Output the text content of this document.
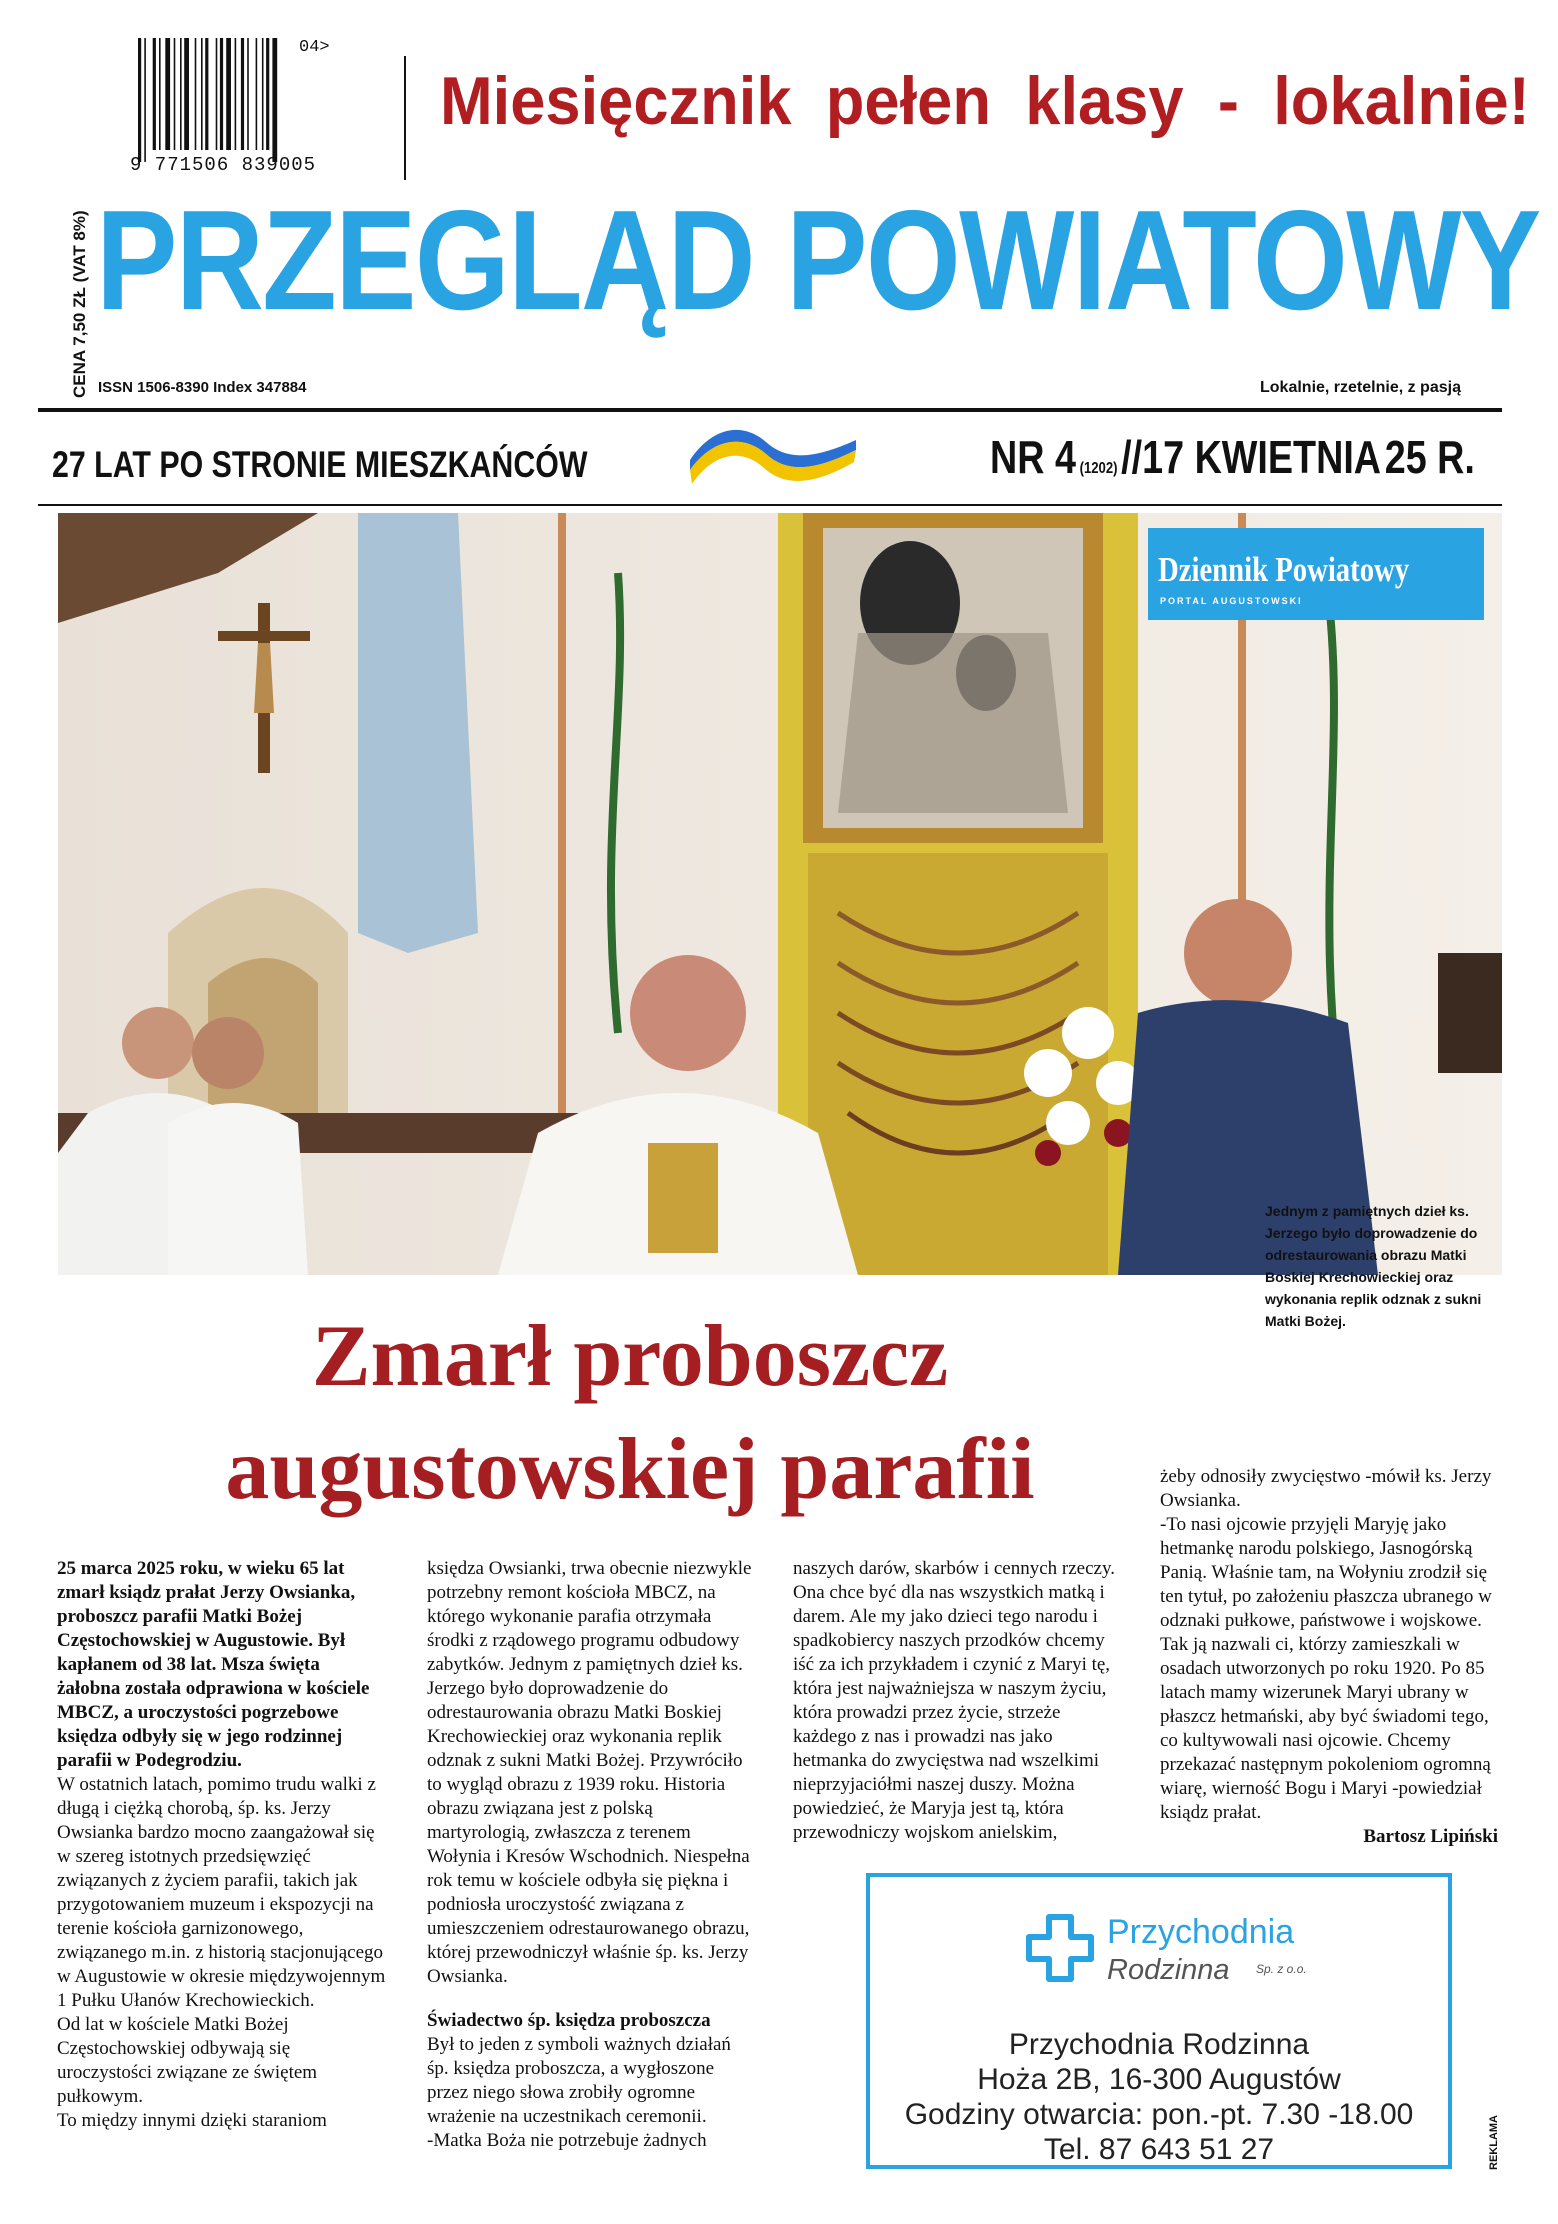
04>
9 771506 839005
Miesięcznik pełen klasy - lokalnie!
CENA 7,50 ZŁ (VAT 8%) PRZEGLĄD POWIATOWY
ISSN 1506-8390 Index 347884	Lokalnie, rzetelnie, z pasją
27 LAT PO STRONIE MIESZKAŃCÓW	NR 4 (1202) //17 KWIETNIA 25 R.
Dziennik Powiatowy
PORTAL AUGUSTOWSKI
Jednym z pamiętnych dzieł ks. Jerzego było doprowadzenie do odrestaurowania obrazu Matki Boskiej Krechowieckiej oraz wykonania replik odznak z sukni Matki Bożej.
Zmarł proboszcz
augustowskiej parafii

25 marca 2025 roku, w wieku 65 lat zmarł ksiądz prałat Jerzy Owsianka, proboszcz parafii Matki Bożej Częstochowskiej w Augustowie. Był kapłanem od 38 lat. Msza święta żałobna została odprawiona w kościele MBCZ, a uroczystości pogrzebowe księdza odbyły się w jego rodzinnej parafii w Podegrodziu.

W ostatnich latach, pomimo trudu walki z długą i ciężką chorobą, śp. ks. Jerzy Owsianka bardzo mocno zaangażował się w szereg istotnych przedsięwzięć związanych z życiem parafii, takich jak przygotowaniem muzeum i ekspozycji na terenie kościoła garnizonowego, związanego m.in. z historią stacjonującego w Augustowie w okresie międzywojennym 1 Pułku Ułanów Krechowieckich.

Od lat w kościele Matki Bożej Częstochowskiej odbywają się uroczystości związane ze świętem pułkowym.

To między innymi dzięki staraniom

księdza Owsianki, trwa obecnie niezwykle potrzebny remont kościoła MBCZ, na którego wykonanie parafia otrzymała środki z rządowego programu odbudowy zabytków. Jednym z pamiętnych dzieł ks. Jerzego było doprowadzenie do odrestaurowania obrazu Matki Boskiej Krechowieckiej oraz wykonania replik odznak z sukni Matki Bożej. Przywróciło to wygląd obrazu z 1939 roku. Historia obrazu związana jest z polską martyrologią, zwłaszcza z terenem Wołynia i Kresów Wschodnich. Niespełna rok temu w kościele odbyła się piękna i podniosła uroczystość związana z umieszczeniem odrestaurowanego obrazu, której przewodniczył właśnie śp. ks. Jerzy Owsianka.

Świadectwo śp. księdza proboszcza

Był to jeden z symboli ważnych działań śp. księdza proboszcza, a wygłoszone przez niego słowa zrobiły ogromne wrażenie na uczestnikach ceremonii.

-Matka Boża nie potrzebuje żadnych

naszych darów, skarbów i cennych rzeczy. Ona chce być dla nas wszystkich matką i darem. Ale my jako dzieci tego narodu i spadkobiercy naszych przodków chcemy iść za ich przykładem i czynić z Maryi tę, która jest najważniejsza w naszym życiu, która prowadzi przez życie, strzeże każdego z nas i prowadzi nas jako hetmanka do zwycięstwa nad wszelkimi nieprzyjaciółmi naszej duszy. Można powiedzieć, że Maryja jest tą, która przewodniczy wojskom anielskim,

żeby odnosiły zwycięstwo -mówił ks. Jerzy Owsianka.

-To nasi ojcowie przyjęli Maryję jako hetmankę narodu polskiego, Jasnogórską Panią. Właśnie tam, na Wołyniu zrodził się ten tytuł, po założeniu płaszcza ubranego w odznaki pułkowe, państwowe i wojskowe. Tak ją nazwali ci, którzy zamieszkali w osadach utworzonych po roku 1920. Po 85 latach mamy wizerunek Maryi ubrany w płaszcz hetmański, aby być świadomi tego, co kultywowali nasi ojcowie. Chcemy przekazać następnym pokoleniom ogromną wiarę, wierność Bogu i Maryi -powiedział ksiądz prałat.

Bartosz Lipiński

Przychodnia
Rodzinna Sp. z o.o.
Przychodnia Rodzinna
Hoża 2B, 16-300 Augustów
Godziny otwarcia: pon.-pt. 7.30 -18.00
Tel. 87 643 51 27	REKLAMA
